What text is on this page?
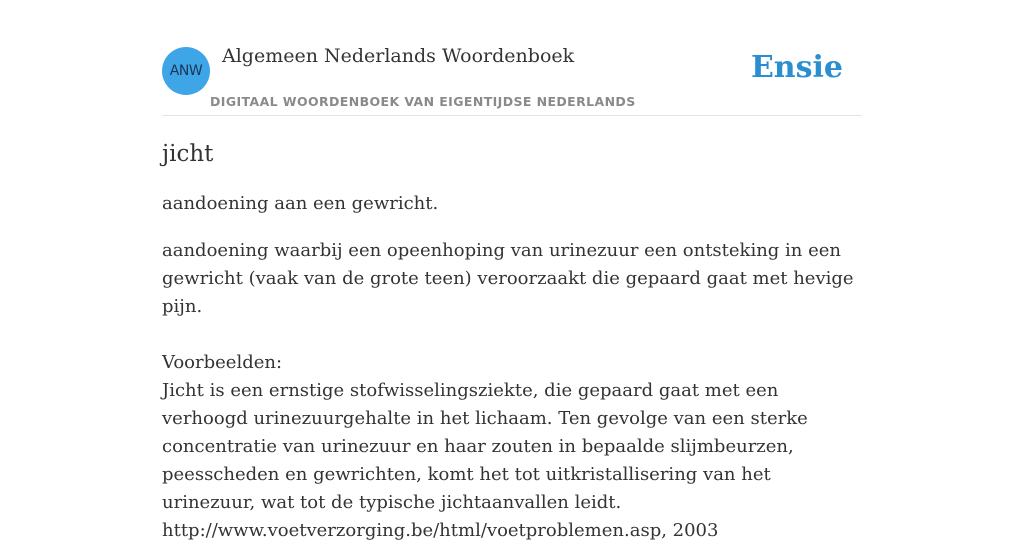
ANW
Algemeen Nederlands Woordenboek
DIGITAAL WOORDENBOEK VAN EIGENTIJDSE NEDERLANDS
Ensie
jicht

aandoening aan een gewricht.

aandoening waarbij een opeenhoping van urinezuur een ontsteking in een gewricht (vaak van de grote teen) veroorzaakt die gepaard gaat met hevige pijn.

Voorbeelden:

Jicht is een ernstige stofwisselingsziekte, die gepaard gaat met een verhoogd urinezuurgehalte in het lichaam. Ten gevolge van een sterke concentratie van urinezuur en haar zouten in bepaalde slijmbeurzen, peesscheden en gewrichten, komt het tot uitkristallisering van het urinezuur, wat tot de typische jichtaanvallen leidt.

http://www.voetverzorging.be/html/voetproblemen.asp, 2003
